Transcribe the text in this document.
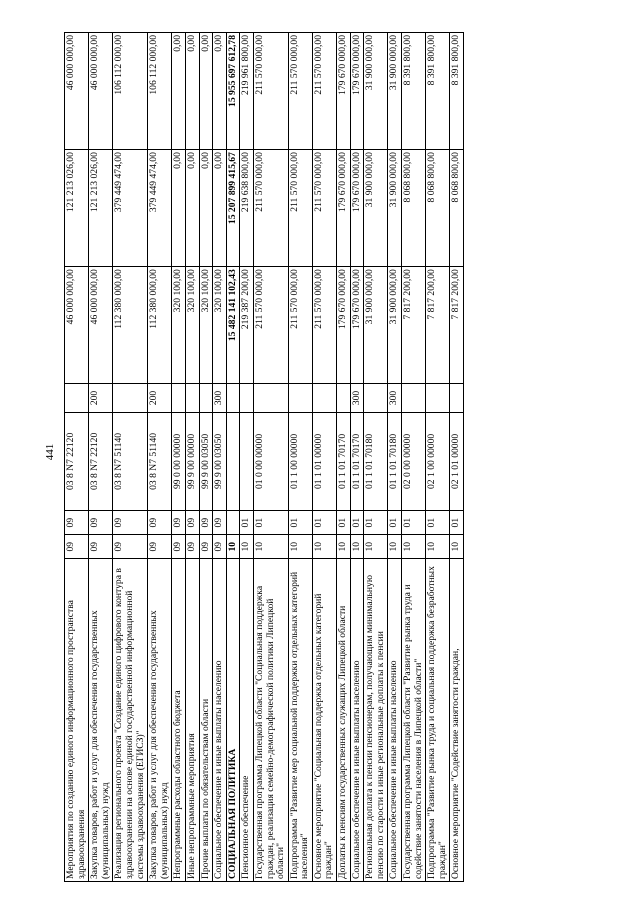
441
Мероприятия по созданию единого информационного пространства здравоохранения	09	09	03 8 N7 22120		46 000 000,00	121 213 026,00	46 000 000,00
Закупка товаров, работ и услуг для обеспечения государственных (муниципальных) нужд	09	09	03 8 N7 22120	200	46 000 000,00	121 213 026,00	46 000 000,00
Реализация регионального проекта "Создание единого цифрового контура в здравоохранении на основе единой государственной информационной системы здравоохранения (ЕГИСЗ)"	09	09	03 8 N7 51140		112 380 000,00	379 449 474,00	106 112 000,00
Закупка товаров, работ и услуг для обеспечения государственных (муниципальных) нужд	09	09	03 8 N7 51140	200	112 380 000,00	379 449 474,00	106 112 000,00
Непрограммные расходы областного бюджета	09	09	99 0 00 00000		320 100,00	0,00	0,00
Иные непрограммные мероприятия	09	09	99 9 00 00000		320 100,00	0,00	0,00
Прочие выплаты по обязательствам области	09	09	99 9 00 03050		320 100,00	0,00	0,00
Социальное обеспечение и иные выплаты населению	09	09	99 9 00 03050	300	320 100,00	0,00	0,00
СОЦИАЛЬНАЯ ПОЛИТИКА	10				15 482 141 102,43	15 207 899 415,67	15 955 697 612,78
Пенсионное обеспечение	10	01			219 387 200,00	219 638 800,00	219 961 800,00
Государственная программа Липецкой области "Социальная поддержка граждан, реализация семейно-демографической политики Липецкой области"	10	01	01 0 00 00000		211 570 000,00	211 570 000,00	211 570 000,00
Подпрограмма "Развитие мер социальной поддержки отдельных категорий населения"	10	01	01 1 00 00000		211 570 000,00	211 570 000,00	211 570 000,00
Основное мероприятие "Социальная поддержка отдельных категорий граждан"	10	01	01 1 01 00000		211 570 000,00	211 570 000,00	211 570 000,00
Доплаты к пенсиям государственных служащих Липецкой области	10	01	01 1 01 70170		179 670 000,00	179 670 000,00	179 670 000,00
Социальное обеспечение и иные выплаты населению	10	01	01 1 01 70170	300	179 670 000,00	179 670 000,00	179 670 000,00
Региональная доплата к пенсии пенсионерам, получающим минимальную пенсию по старости и иные региональные доплаты к пенсии	10	01	01 1 01 70180		31 900 000,00	31 900 000,00	31 900 000,00
Социальное обеспечение и иные выплаты населению	10	01	01 1 01 70180	300	31 900 000,00	31 900 000,00	31 900 000,00
Государственная программа Липецкой области "Развитие рынка труда и содействие занятости населения в Липецкой области"	10	01	02 0 00 00000		7 817 200,00	8 068 800,00	8 391 800,00
Подпрограмма "Развитие рынка труда и социальная поддержка безработных граждан"	10	01	02 1 00 00000		7 817 200,00	8 068 800,00	8 391 800,00
Основное мероприятие "Содействие занятости граждан,	10	01	02 1 01 00000		7 817 200,00	8 068 800,00	8 391 800,00
